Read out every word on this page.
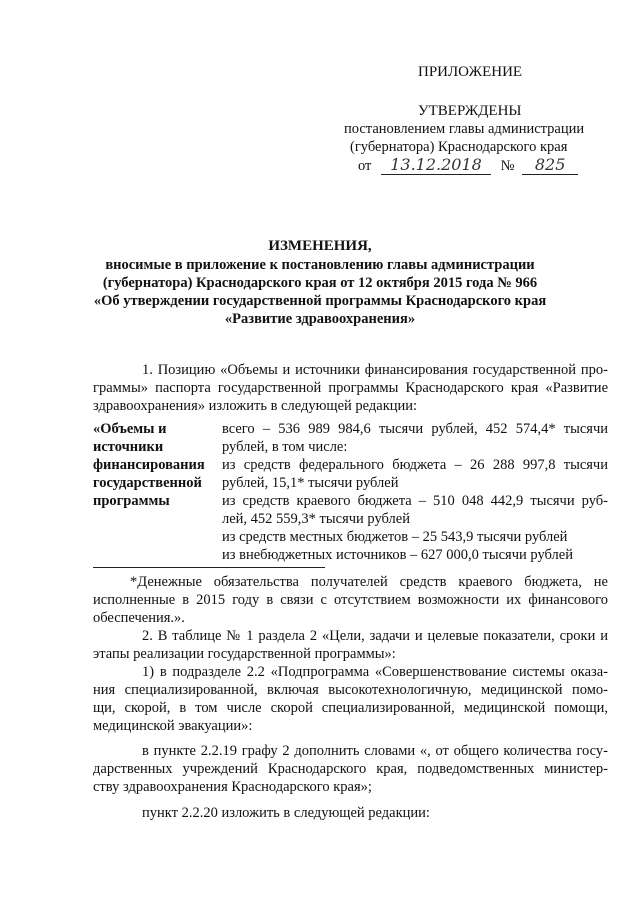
ПРИЛОЖЕНИЕ
УТВЕРЖДЕНЫ
постановлением главы администрации
(губернатора) Краснодарского края
от 13.12.2018 № 825
ИЗМЕНЕНИЯ,
вносимые в приложение к постановлению главы администрации
(губернатора) Краснодарского края от 12 октября 2015 года № 966
«Об утверждении государственной программы Краснодарского края
«Развитие здравоохранения»
1. Позицию «Объемы и источники финансирования государственной про-
граммы» паспорта государственной программы Краснодарского края «Развитие
здравоохранения» изложить в следующей редакции:
«Объемы и
источники
финансирования
государственной
программы
всего – 536 989 984,6 тысячи рублей, 452 574,4* тысячи
рублей, в том числе:
из средств федерального бюджета – 26 288 997,8 тысячи
рублей, 15,1* тысячи рублей
из средств краевого бюджета – 510 048 442,9 тысячи руб-
лей, 452 559,3* тысячи рублей
из средств местных бюджетов – 25 543,9 тысячи рублей
из внебюджетных источников – 627 000,0 тысячи рублей
*Денежные обязательства получателей средств краевого бюджета, не
исполненные в 2015 году в связи с отсутствием возможности их финансового
обеспечения.».
2. В таблице № 1 раздела 2 «Цели, задачи и целевые показатели, сроки и
этапы реализации государственной программы»:
1) в подразделе 2.2 «Подпрограмма «Совершенствование системы оказа-
ния специализированной, включая высокотехнологичную, медицинской помо-
щи, скорой, в том числе скорой специализированной, медицинской помощи,
медицинской эвакуации»:
в пункте 2.2.19 графу 2 дополнить словами «, от общего количества госу-
дарственных учреждений Краснодарского края, подведомственных министер-
ству здравоохранения Краснодарского края»;
пункт 2.2.20 изложить в следующей редакции:
